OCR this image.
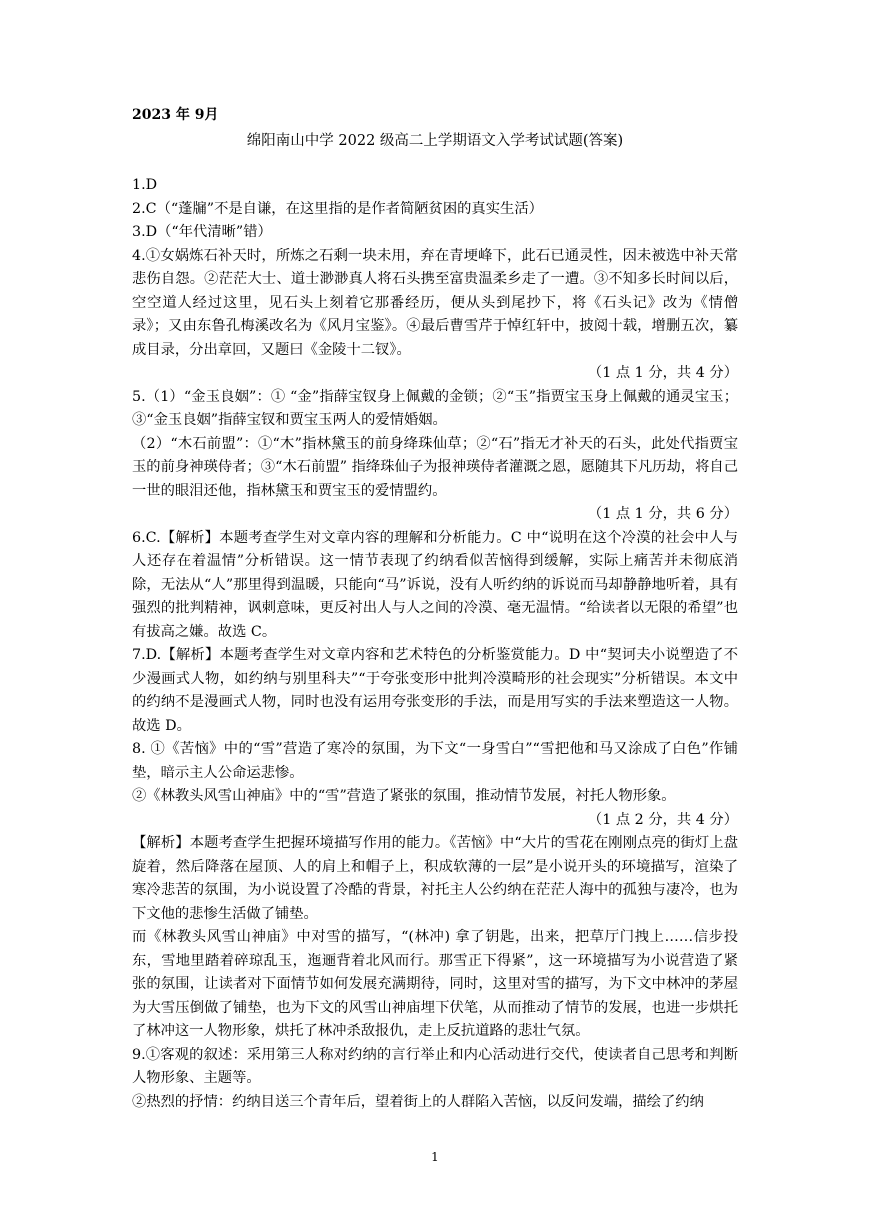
2023 年 9月
绵阳南山中学 2022 级高二上学期语文入学考试试题(答案)

1.D

2.C（“蓬牖”不是自谦，在这里指的是作者简陋贫困的真实生活）

3.D（“年代清晰”错）

4.①女娲炼石补天时，所炼之石剩一块未用，弃在青埂峰下，此石已通灵性，因未被选中补天常悲伤自怨。②茫茫大士、道士渺渺真人将石头携至富贵温柔乡走了一遭。③不知多长时间以后，空空道人经过这里，见石头上刻着它那番经历，便从头到尾抄下，将《石头记》改为《情僧录》；又由东鲁孔梅溪改名为《风月宝鉴》。④最后曹雪芹于悼红轩中，披阅十载，增删五次，纂成目录，分出章回，又题曰《金陵十二钗》。

（1 点 1 分，共 4 分）

5.（1）“金玉良姻”：① “金”指薛宝钗身上佩戴的金锁；②“玉”指贾宝玉身上佩戴的通灵宝玉；③“金玉良姻”指薛宝钗和贾宝玉两人的爱情婚姻。

（2）“木石前盟”：①“木”指林黛玉的前身绛珠仙草；②“石”指无才补天的石头，此处代指贾宝玉的前身神瑛侍者；③“木石前盟” 指绛珠仙子为报神瑛侍者灌溉之恩，愿随其下凡历劫，将自己一世的眼泪还他，指林黛玉和贾宝玉的爱情盟约。

（1 点 1 分，共 6 分）

6.C.【解析】本题考查学生对文章内容的理解和分析能力。C 中“说明在这个冷漠的社会中人与人还存在着温情”分析错误。这一情节表现了约纳看似苦恼得到缓解，实际上痛苦并未彻底消除，无法从“人”那里得到温暖，只能向“马”诉说，没有人听约纳的诉说而马却静静地听着，具有强烈的批判精神，讽刺意味，更反衬出人与人之间的冷漠、毫无温情。“给读者以无限的希望”也有拔高之嫌。故选 C。

7.D.【解析】本题考查学生对文章内容和艺术特色的分析鉴赏能力。D 中“契诃夫小说塑造了不少漫画式人物，如约纳与别里科夫”“于夸张变形中批判冷漠畸形的社会现实”分析错误。本文中的约纳不是漫画式人物，同时也没有运用夸张变形的手法，而是用写实的手法来塑造这一人物。故选 D。

8. ①《苦恼》中的“雪”营造了寒冷的氛围，为下文“一身雪白”“雪把他和马又涂成了白色”作铺垫，暗示主人公命运悲惨。

②《林教头风雪山神庙》中的“雪”营造了紧张的氛围，推动情节发展，衬托人物形象。

（1 点 2 分，共 4 分）

【解析】本题考查学生把握环境描写作用的能力。《苦恼》中“大片的雪花在刚刚点亮的街灯上盘旋着，然后降落在屋顶、人的肩上和帽子上，积成软薄的一层”是小说开头的环境描写，渲染了寒冷悲苦的氛围，为小说设置了冷酷的背景，衬托主人公约纳在茫茫人海中的孤独与凄冷，也为下文他的悲惨生活做了铺垫。

而《林教头风雪山神庙》中对雪的描写，“(林冲) 拿了钥匙，出来，把草厅门拽上……信步投东，雪地里踏着碎琼乱玉，迤逦背着北风而行。那雪正下得紧”，这一环境描写为小说营造了紧张的氛围，让读者对下面情节如何发展充满期待，同时，这里对雪的描写，为下文中林冲的茅屋为大雪压倒做了铺垫，也为下文的风雪山神庙埋下伏笔，从而推动了情节的发展，也进一步烘托了林冲这一人物形象，烘托了林冲杀敌报仇，走上反抗道路的悲壮气氛。

9.①客观的叙述：采用第三人称对约纳的言行举止和内心活动进行交代，使读者自己思考和判断人物形象、主题等。

②热烈的抒情：约纳目送三个青年后，望着街上的人群陷入苦恼，以反问发端，描绘了约纳

1
